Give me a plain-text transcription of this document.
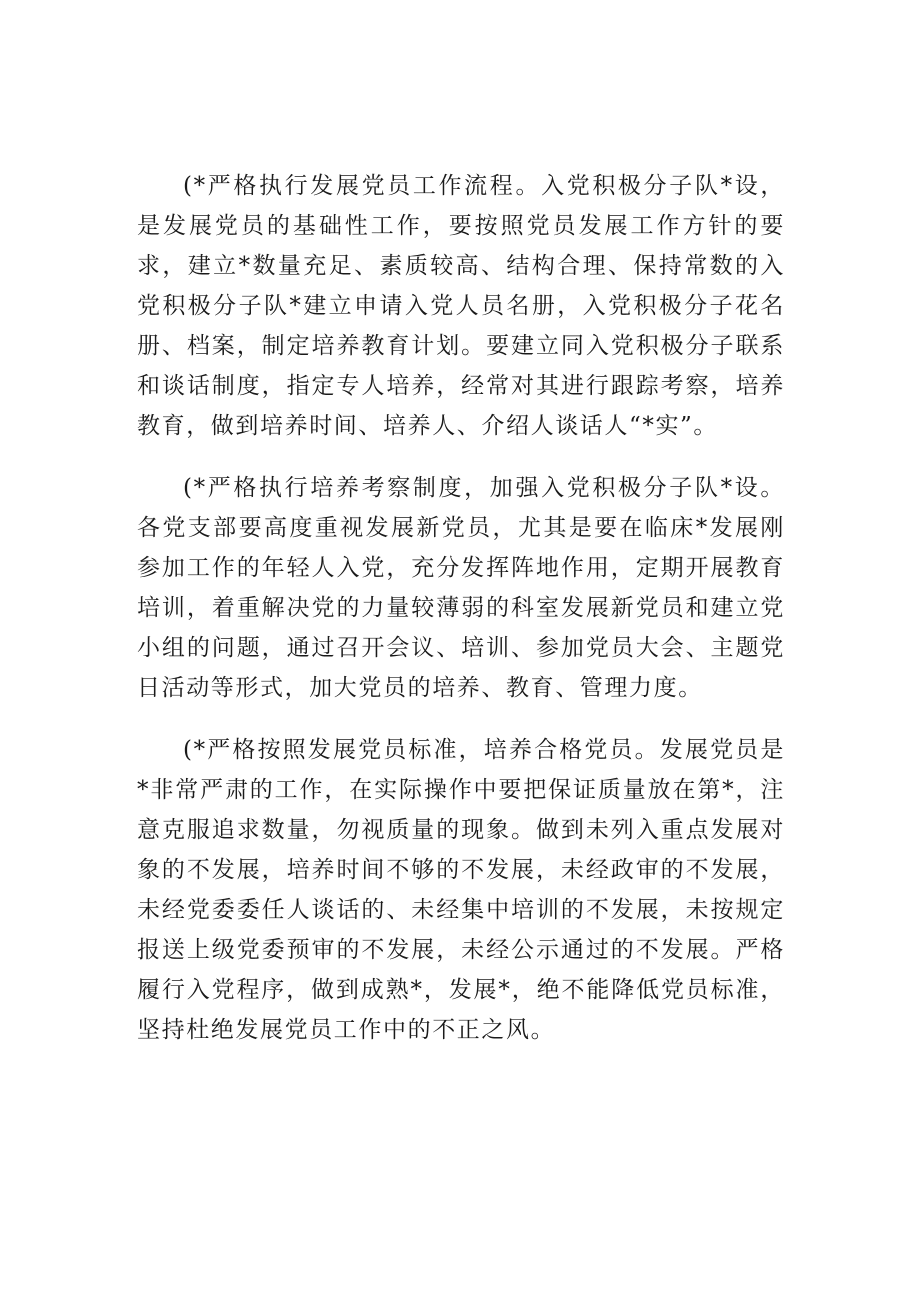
(*严格执行发展党员工作流程。入党积极分子队*设，是发展党员的基础性工作，要按照党员发展工作方针的要求，建立*数量充足、素质较高、结构合理、保持常数的入党积极分子队*建立申请入党人员名册，入党积极分子花名册、档案，制定培养教育计划。要建立同入党积极分子联系和谈话制度，指定专人培养，经常对其进行跟踪考察，培养教育，做到培养时间、培养人、介绍人谈话人“*实”。

(*严格执行培养考察制度，加强入党积极分子队*设。各党支部要高度重视发展新党员，尤其是要在临床*发展刚参加工作的年轻人入党，充分发挥阵地作用，定期开展教育培训，着重解决党的力量较薄弱的科室发展新党员和建立党小组的问题，通过召开会议、培训、参加党员大会、主题党日活动等形式，加大党员的培养、教育、管理力度。

(*严格按照发展党员标准，培养合格党员。发展党员是*非常严肃的工作，在实际操作中要把保证质量放在第*，注意克服追求数量，勿视质量的现象。做到未列入重点发展对象的不发展，培养时间不够的不发展，未经政审的不发展，未经党委委任人谈话的、未经集中培训的不发展，未按规定报送上级党委预审的不发展，未经公示通过的不发展。严格履行入党程序，做到成熟*，发展*，绝不能降低党员标准，坚持杜绝发展党员工作中的不正之风。
